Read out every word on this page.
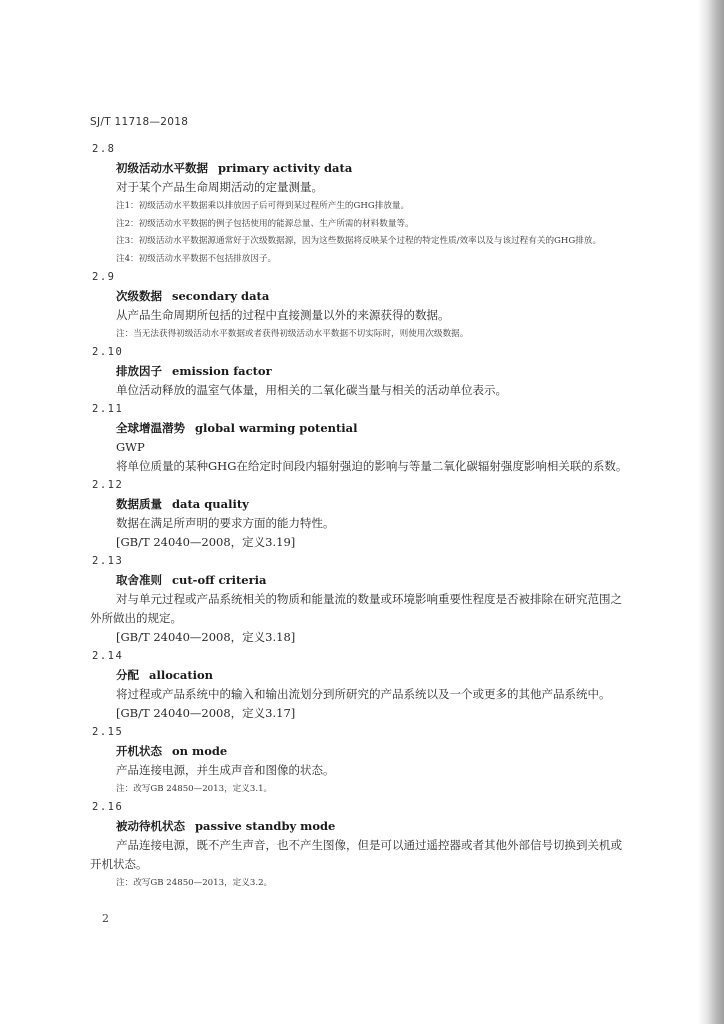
SJ/T 11718—2018
2.8
初级活动水平数据 primary activity data
对于某个产品生命周期活动的定量测量。
注1：初级活动水平数据乘以排放因子后可得到某过程所产生的GHG排放量。
注2：初级活动水平数据的例子包括使用的能源总量、生产所需的材料数量等。
注3：初级活动水平数据源通常好于次级数据源，因为这些数据将反映某个过程的特定性质/效率以及与该过程有关的GHG排放。
注4：初级活动水平数据不包括排放因子。
2.9
次级数据 secondary data
从产品生命周期所包括的过程中直接测量以外的来源获得的数据。
注：当无法获得初级活动水平数据或者获得初级活动水平数据不切实际时，则使用次级数据。
2.10
排放因子 emission factor
单位活动释放的温室气体量，用相关的二氧化碳当量与相关的活动单位表示。
2.11
全球增温潜势 global warming potential
GWP
将单位质量的某种GHG在给定时间段内辐射强迫的影响与等量二氧化碳辐射强度影响相关联的系数。
2.12
数据质量 data quality
数据在满足所声明的要求方面的能力特性。
[GB/T 24040—2008，定义3.19]
2.13
取舍准则 cut-off criteria
对与单元过程或产品系统相关的物质和能量流的数量或环境影响重要性程度是否被排除在研究范围之外所做出的规定。
[GB/T 24040—2008，定义3.18]
2.14
分配 allocation
将过程或产品系统中的输入和输出流划分到所研究的产品系统以及一个或更多的其他产品系统中。
[GB/T 24040—2008，定义3.17]
2.15
开机状态 on mode
产品连接电源，并生成声音和图像的状态。
注：改写GB 24850—2013，定义3.1。
2.16
被动待机状态 passive standby mode
产品连接电源，既不产生声音，也不产生图像，但是可以通过遥控器或者其他外部信号切换到关机或开机状态。
注：改写GB 24850—2013，定义3.2。
2
